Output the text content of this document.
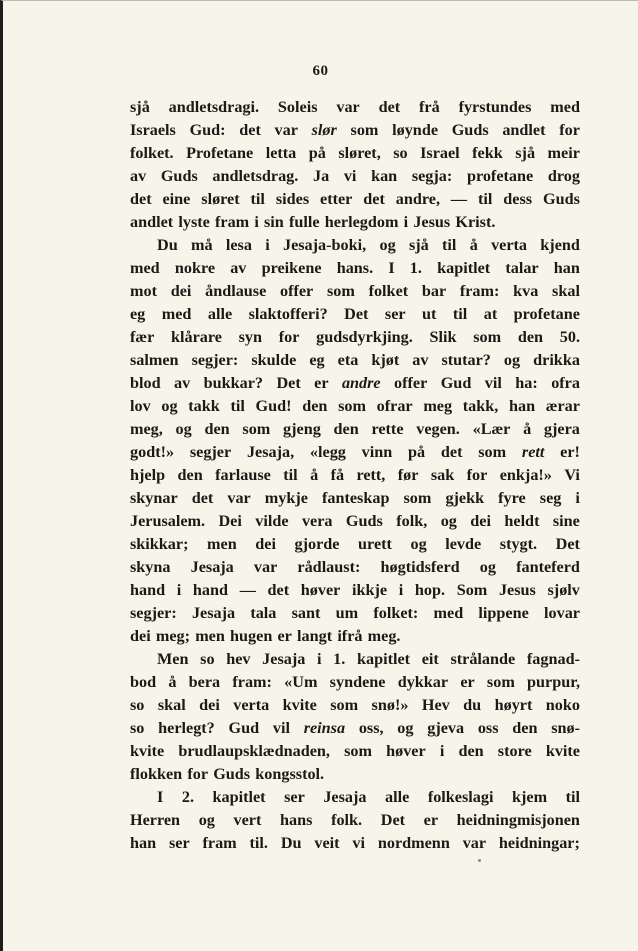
60
sjå andletsdragi. Soleis var det frå fyrstundes med
Israels Gud: det var slør som løynde Guds andlet for
folket. Profetane letta på sløret, so Israel fekk sjå meir
av Guds andletsdrag. Ja vi kan segja: profetane drog
det eine sløret til sides etter det andre, — til dess Guds
andlet lyste fram i sin fulle herlegdom i Jesus Krist.
Du må lesa i Jesaja-boki, og sjå til å verta kjend
med nokre av preikene hans. I 1. kapitlet talar han
mot dei åndlause offer som folket bar fram: kva skal
eg med alle slaktofferi? Det ser ut til at profetane
fær klårare syn for gudsdyrkjing. Slik som den 50.
salmen segjer: skulde eg eta kjøt av stutar? og drikka
blod av bukkar? Det er andre offer Gud vil ha: ofra
lov og takk til Gud! den som ofrar meg takk, han ærar
meg, og den som gjeng den rette vegen. «Lær å gjera
godt!» segjer Jesaja, «legg vinn på det som rett er!
hjelp den farlause til å få rett, før sak for enkja!» Vi
skynar det var mykje fanteskap som gjekk fyre seg i
Jerusalem. Dei vilde vera Guds folk, og dei heldt sine
skikkar; men dei gjorde urett og levde stygt. Det
skyna Jesaja var rådlaust: høgtidsferd og fanteferd
hand i hand — det høver ikkje i hop. Som Jesus sjølv
segjer: Jesaja tala sant um folket: med lippene lovar
dei meg; men hugen er langt ifrå meg.
Men so hev Jesaja i 1. kapitlet eit strålande fagnad-
bod å bera fram: «Um syndene dykkar er som purpur,
so skal dei verta kvite som snø!» Hev du høyrt noko
so herlegt? Gud vil reinsa oss, og gjeva oss den snø-
kvite brudlaupsklædnaden, som høver i den store kvite
flokken for Guds kongsstol.
I 2. kapitlet ser Jesaja alle folkeslagi kjem til
Herren og vert hans folk. Det er heidningmisjonen
han ser fram til. Du veit vi nordmenn var heidningar;
